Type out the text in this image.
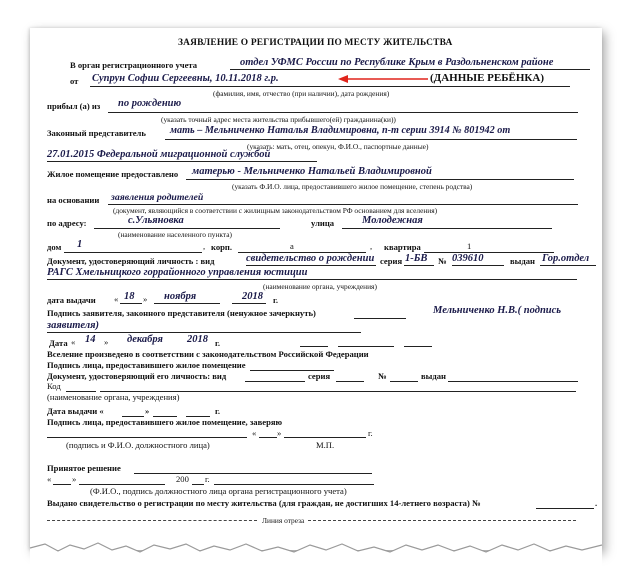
ЗАЯВЛЕНИЕ О РЕГИСТРАЦИИ ПО МЕСТУ ЖИТЕЛЬСТВА
В орган регистрационного учета	отдел УФМС России по Республике Крым в Раздольненском районе
от Супрун Софии Сергеевны, 10.11.2018 г.р.	(ДАННЫЕ РЕБЁНКА)
(фамилия, имя, отчество (при наличии), дата рождения)
прибыл (а) из по рождению
(указать точный адрес места жительства прибывшего(ей) гражданина(ки))
Законный представитель мать – Мельниченко Наталья Владимировна, п-т серии 3914 № 801942 от
(указать: мать, отец, опекун, Ф.И.О., паспортные данные)
27.01.2015 Федеральной миграционной службой
Жилое помещение предоставлено матерью - Мельниченко Натальей Владимировной
(указать Ф.И.О. лица, предоставившего жилое помещение, степень родства)
на основании заявления родителей
(документ, являющийся в соответствии с жилищным законодательством РФ основанием для вселения)
по адресу:	с.Ульяновка	улица	Молодежная
(наименование населенного пункта)
дом 1	, корп.	а	, квартира	1
Документ, удостоверяющий личность : вид	свидетельство о рождении серия 1-БВ № 039610	выдан Гор.отдел
РАГС Хмельницкого горрайонного управления юстиции
(наименование органа, учреждения)
дата выдачи « 18 » ноября	2018 г.
Подпись заявителя, законного представителя (ненужное зачеркнуть)	Мельниченко Н.В.( подпись
заявителя)
Дата « 14 » декабря 2018 г.
Вселение произведено в соответствии с законодательством Российской Федерации
Подпись лица, предоставившего жилое помещение
Документ, удостоверяющий его личность: вид	серия	№	выдан
Код
(наименование органа, учреждения)
Дата выдачи «	»	г.
Подпись лица, предоставившего жилое помещение, заверяю
« »	г.
(подпись и Ф.И.О. должностного лица)	М.П.
Принятое решение
« »	200 г.
(Ф.И.О., подпись должностного лица органа регистрационного учета)
Выдано свидетельство о регистрации по месту жительства (для граждан, не достигших 14-летнего возраста) №	.
Линия отреза
